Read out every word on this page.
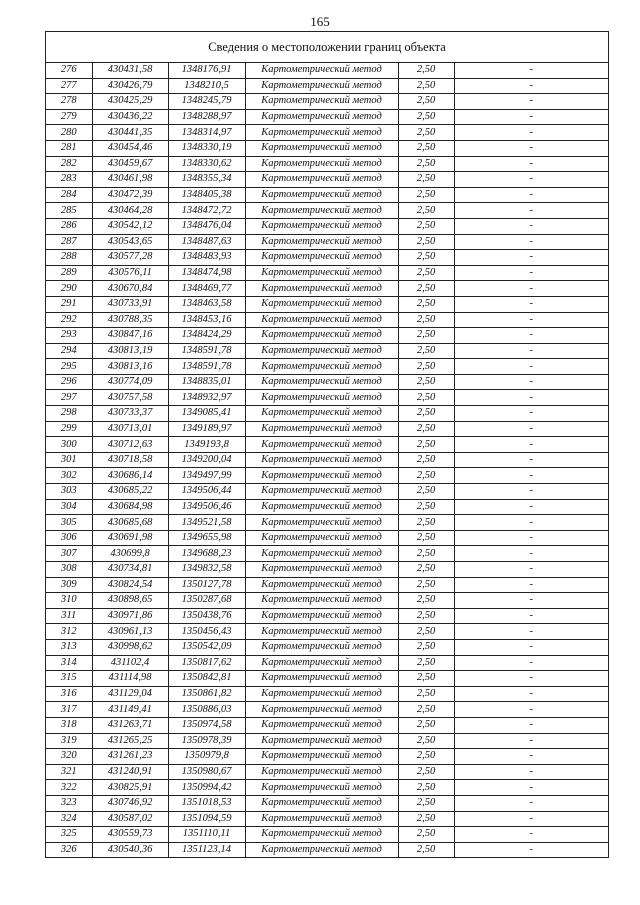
165
Сведения о местоположении границ объекта
276	430431,58	1348176,91	Картометрический метод	2,50	-
277	430426,79	1348210,5	Картометрический метод	2,50	-
278	430425,29	1348245,79	Картометрический метод	2,50	-
279	430436,22	1348288,97	Картометрический метод	2,50	-
280	430441,35	1348314,97	Картометрический метод	2,50	-
281	430454,46	1348330,19	Картометрический метод	2,50	-
282	430459,67	1348330,62	Картометрический метод	2,50	-
283	430461,98	1348355,34	Картометрический метод	2,50	-
284	430472,39	1348405,38	Картометрический метод	2,50	-
285	430464,28	1348472,72	Картометрический метод	2,50	-
286	430542,12	1348476,04	Картометрический метод	2,50	-
287	430543,65	1348487,63	Картометрический метод	2,50	-
288	430577,28	1348483,93	Картометрический метод	2,50	-
289	430576,11	1348474,98	Картометрический метод	2,50	-
290	430670,84	1348469,77	Картометрический метод	2,50	-
291	430733,91	1348463,58	Картометрический метод	2,50	-
292	430788,35	1348453,16	Картометрический метод	2,50	-
293	430847,16	1348424,29	Картометрический метод	2,50	-
294	430813,19	1348591,78	Картометрический метод	2,50	-
295	430813,16	1348591,78	Картометрический метод	2,50	-
296	430774,09	1348835,01	Картометрический метод	2,50	-
297	430757,58	1348932,97	Картометрический метод	2,50	-
298	430733,37	1349085,41	Картометрический метод	2,50	-
299	430713,01	1349189,97	Картометрический метод	2,50	-
300	430712,63	1349193,8	Картометрический метод	2,50	-
301	430718,58	1349200,04	Картометрический метод	2,50	-
302	430686,14	1349497,99	Картометрический метод	2,50	-
303	430685,22	1349506,44	Картометрический метод	2,50	-
304	430684,98	1349506,46	Картометрический метод	2,50	-
305	430685,68	1349521,58	Картометрический метод	2,50	-
306	430691,98	1349655,98	Картометрический метод	2,50	-
307	430699,8	1349688,23	Картометрический метод	2,50	-
308	430734,81	1349832,58	Картометрический метод	2,50	-
309	430824,54	1350127,78	Картометрический метод	2,50	-
310	430898,65	1350287,68	Картометрический метод	2,50	-
311	430971,86	1350438,76	Картометрический метод	2,50	-
312	430961,13	1350456,43	Картометрический метод	2,50	-
313	430998,62	1350542,09	Картометрический метод	2,50	-
314	431102,4	1350817,62	Картометрический метод	2,50	-
315	431114,98	1350842,81	Картометрический метод	2,50	-
316	431129,04	1350861,82	Картометрический метод	2,50	-
317	431149,41	1350886,03	Картометрический метод	2,50	-
318	431263,71	1350974,58	Картометрический метод	2,50	-
319	431265,25	1350978,39	Картометрический метод	2,50	-
320	431261,23	1350979,8	Картометрический метод	2,50	-
321	431240,91	1350980,67	Картометрический метод	2,50	-
322	430825,91	1350994,42	Картометрический метод	2,50	-
323	430746,92	1351018,53	Картометрический метод	2,50	-
324	430587,02	1351094,59	Картометрический метод	2,50	-
325	430559,73	1351110,11	Картометрический метод	2,50	-
326	430540,36	1351123,14	Картометрический метод	2,50	-
